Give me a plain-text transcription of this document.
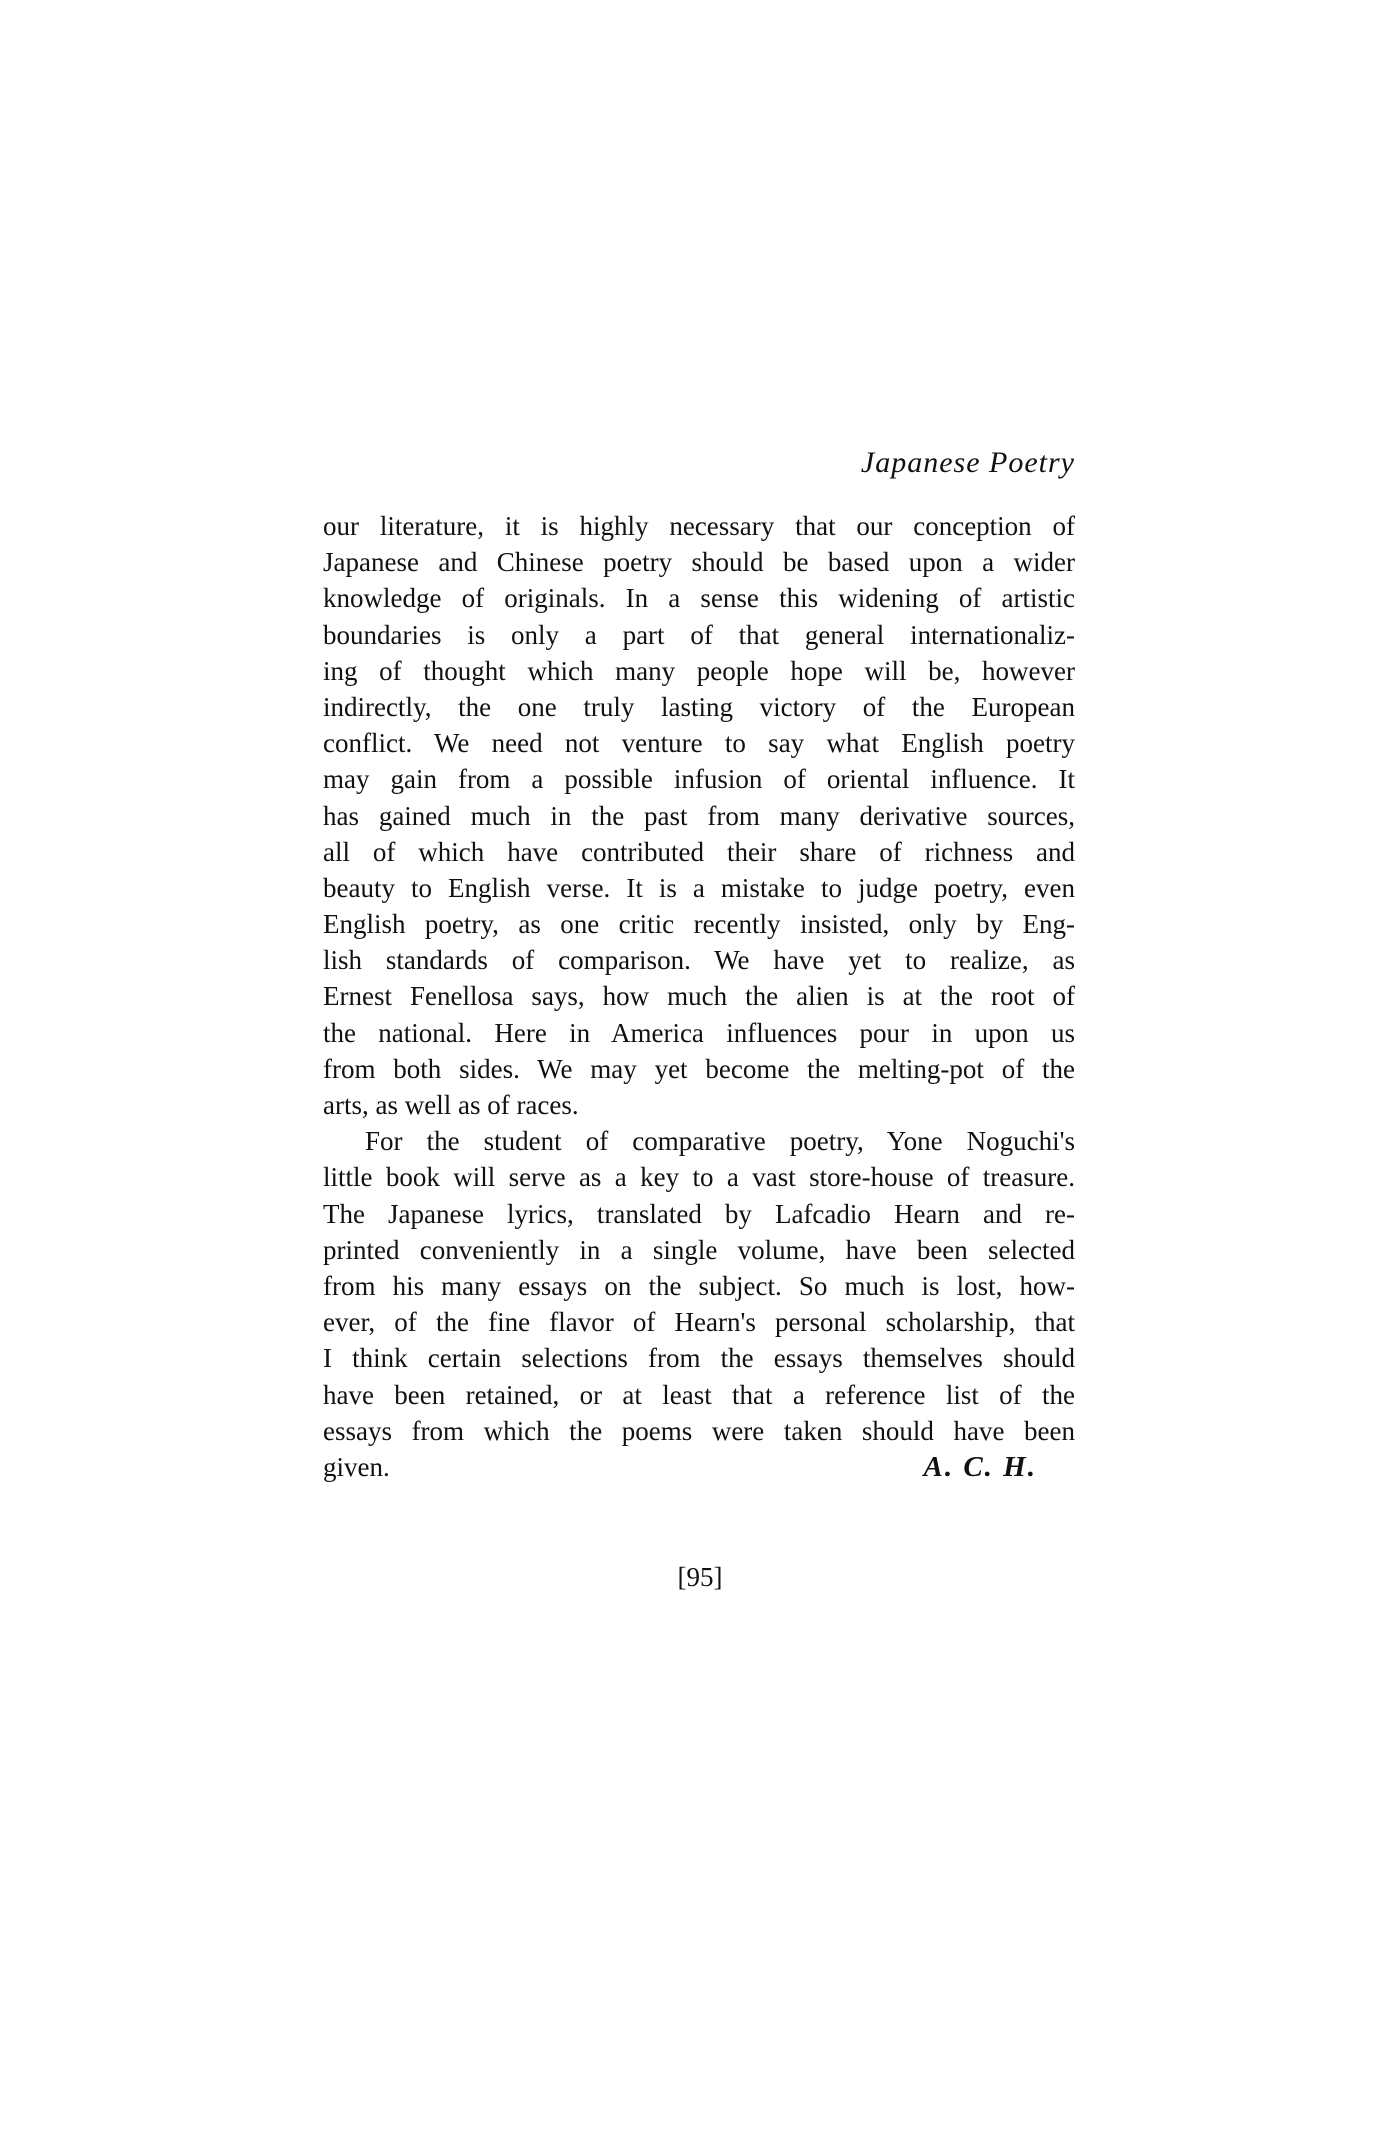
Japanese Poetry
our literature, it is highly necessary that our conception of
Japanese and Chinese poetry should be based upon a wider
knowledge of originals. In a sense this widening of artistic
boundaries is only a part of that general internationaliz-
ing of thought which many people hope will be, however
indirectly, the one truly lasting victory of the European
conflict. We need not venture to say what English poetry
may gain from a possible infusion of oriental influence. It
has gained much in the past from many derivative sources,
all of which have contributed their share of richness and
beauty to English verse. It is a mistake to judge poetry, even
English poetry, as one critic recently insisted, only by Eng-
lish standards of comparison. We have yet to realize, as
Ernest Fenellosa says, how much the alien is at the root of
the national. Here in America influences pour in upon us
from both sides. We may yet become the melting-pot of the
arts, as well as of races.
For the student of comparative poetry, Yone Noguchi's
little book will serve as a key to a vast store-house of treasure.
The Japanese lyrics, translated by Lafcadio Hearn and re-
printed conveniently in a single volume, have been selected
from his many essays on the subject. So much is lost, how-
ever, of the fine flavor of Hearn's personal scholarship, that
I think certain selections from the essays themselves should
have been retained, or at least that a reference list of the
essays from which the poems were taken should have been
given.	A. C. H.
[95]
